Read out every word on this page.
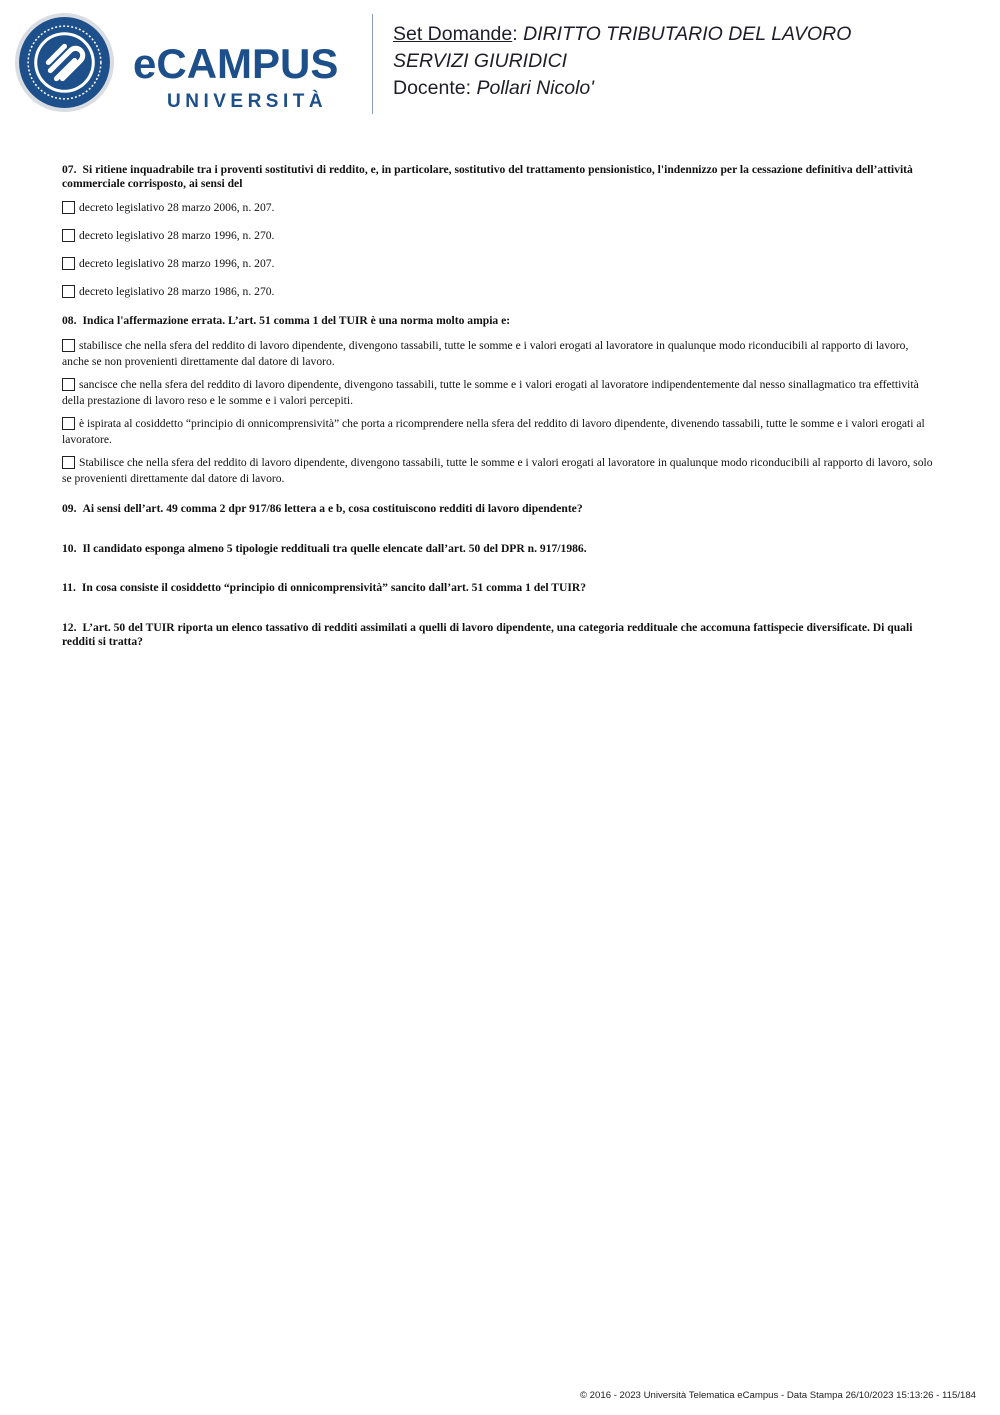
eCAMPUS
UNIVERSITÀ
Set Domande: DIRITTO TRIBUTARIO DEL LAVORO
SERVIZI GIURIDICI
Docente: Pollari Nicolo'

07. Si ritiene inquadrabile tra i proventi sostitutivi di reddito, e, in particolare, sostitutivo del trattamento pensionistico, l'indennizzo per la cessazione definitiva dell’attività commerciale corrisposto, ai sensi del

decreto legislativo 28 marzo 2006, n. 207.

decreto legislativo 28 marzo 1996, n. 270.

decreto legislativo 28 marzo 1996, n. 207.

decreto legislativo 28 marzo 1986, n. 270.

08. Indica l'affermazione errata. L’art. 51 comma 1 del TUIR è una norma molto ampia e:

stabilisce che nella sfera del reddito di lavoro dipendente, divengono tassabili, tutte le somme e i valori erogati al lavoratore in qualunque modo riconducibili al rapporto di lavoro, anche se non provenienti direttamente dal datore di lavoro.

sancisce che nella sfera del reddito di lavoro dipendente, divengono tassabili, tutte le somme e i valori erogati al lavoratore indipendentemente dal nesso sinallagmatico tra effettività della prestazione di lavoro reso e le somme e i valori percepiti.

è ispirata al cosiddetto “principio di onnicomprensività” che porta a ricomprendere nella sfera del reddito di lavoro dipendente, divenendo tassabili, tutte le somme e i valori erogati al lavoratore.

Stabilisce che nella sfera del reddito di lavoro dipendente, divengono tassabili, tutte le somme e i valori erogati al lavoratore in qualunque modo riconducibili al rapporto di lavoro, solo se provenienti direttamente dal datore di lavoro.

09. Ai sensi dell’art. 49 comma 2 dpr 917/86 lettera a e b, cosa costituiscono redditi di lavoro dipendente?

10. Il candidato esponga almeno 5 tipologie reddituali tra quelle elencate dall’art. 50 del DPR n. 917/1986.

11. In cosa consiste il cosiddetto “principio di onnicomprensività” sancito dall’art. 51 comma 1 del TUIR?

12. L’art. 50 del TUIR riporta un elenco tassativo di redditi assimilati a quelli di lavoro dipendente, una categoria reddituale che accomuna fattispecie diversificate. Di quali redditi si tratta?

© 2016 - 2023 Università Telematica eCampus - Data Stampa 26/10/2023 15:13:26 - 115/184
